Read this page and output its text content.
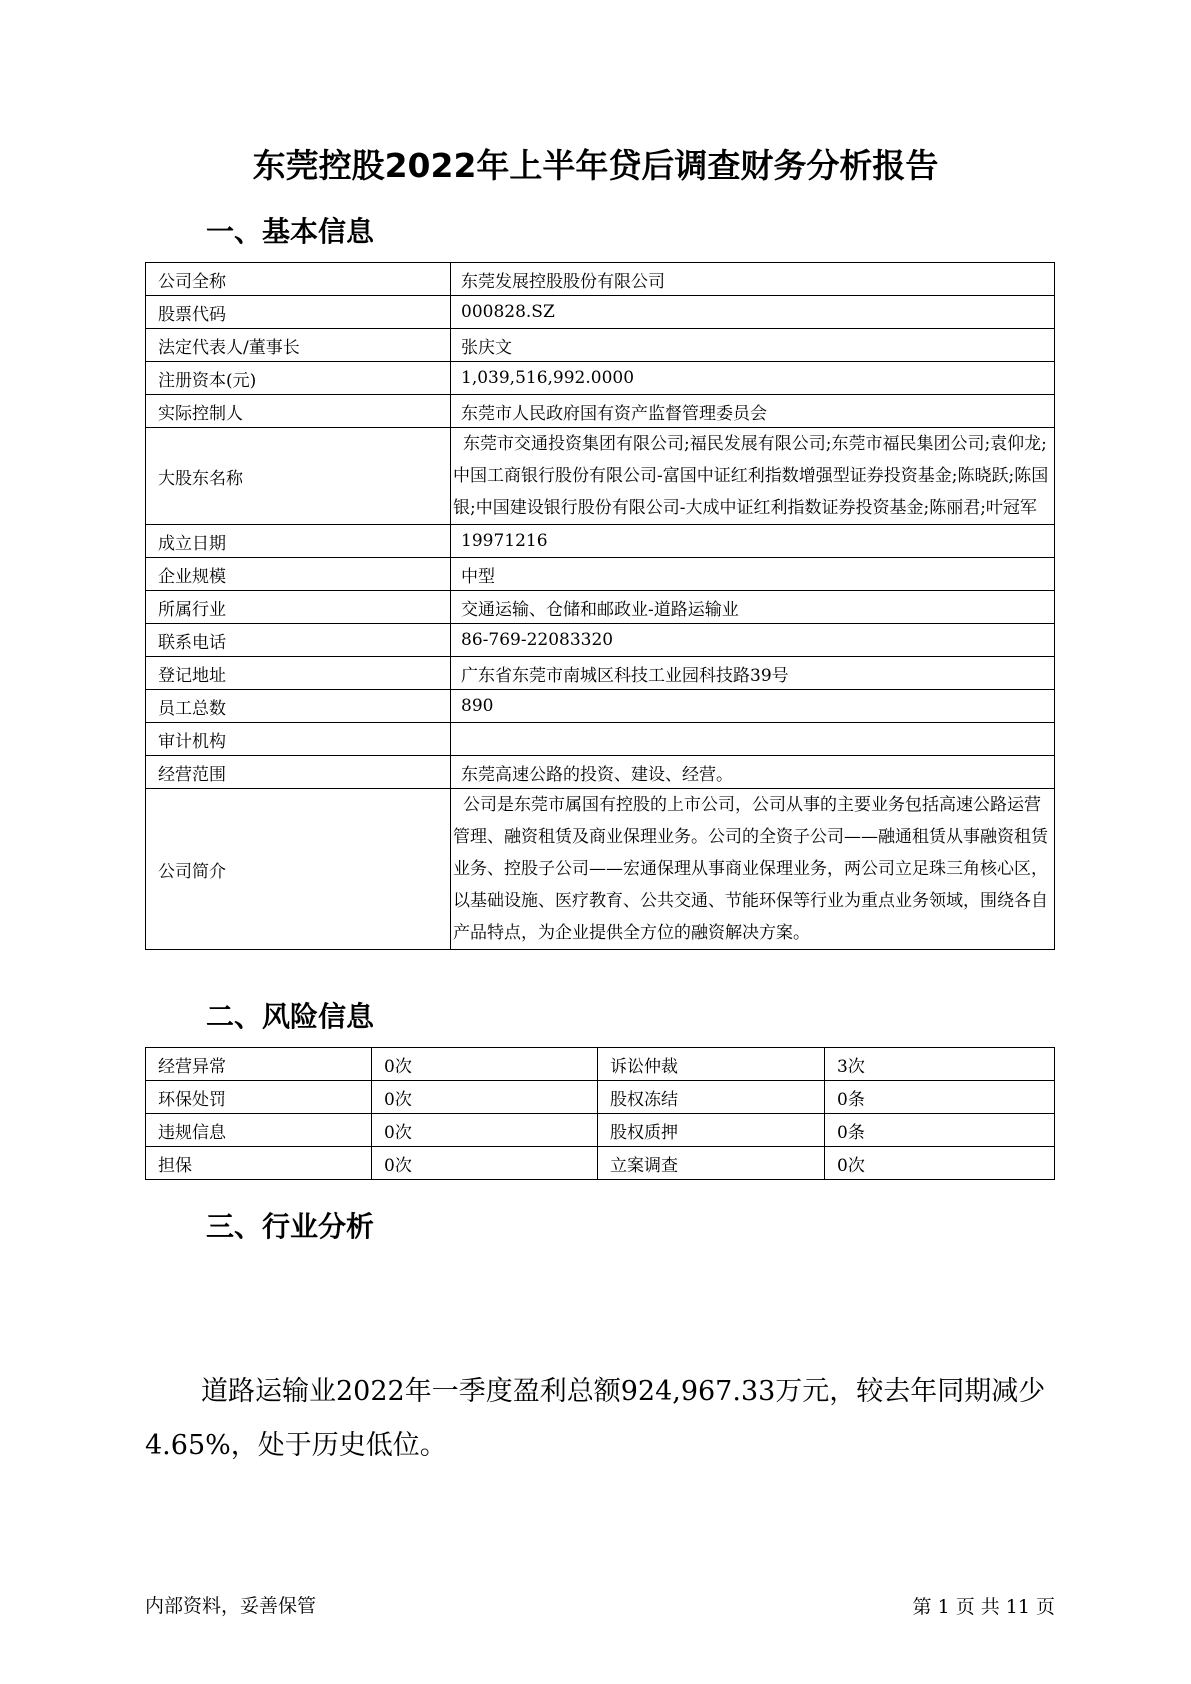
东莞控股2022年上半年贷后调查财务分析报告
一、基本信息
公司全称	东莞发展控股股份有限公司
股票代码	000828.SZ
法定代表人/董事长	张庆文
注册资本(元)	1,039,516,992.0000
实际控制人	东莞市人民政府国有资产监督管理委员会
大股东名称	东莞市交通投资集团有限公司;福民发展有限公司;东莞市福民集团公司;袁仰龙;中国工商银行股份有限公司-富国中证红利指数增强型证券投资基金;陈晓跃;陈国银;中国建设银行股份有限公司-大成中证红利指数证券投资基金;陈丽君;叶冠军
成立日期	19971216
企业规模	中型
所属行业	交通运输、仓储和邮政业-道路运输业
联系电话	86-769-22083320
登记地址	广东省东莞市南城区科技工业园科技路39号
员工总数	890
审计机构	
经营范围	东莞高速公路的投资、建设、经营。
公司简介	公司是东莞市属国有控股的上市公司，公司从事的主要业务包括高速公路运营管理、融资租赁及商业保理业务。公司的全资子公司——融通租赁从事融资租赁业务、控股子公司——宏通保理从事商业保理业务，两公司立足珠三角核心区，以基础设施、医疗教育、公共交通、节能环保等行业为重点业务领域，围绕各自产品特点，为企业提供全方位的融资解决方案。
二、风险信息
经营异常	0次	诉讼仲裁	3次
环保处罚	0次	股权冻结	0条
违规信息	0次	股权质押	0条
担保	0次	立案调查	0次
三、行业分析
道路运输业2022年一季度盈利总额924,967.33万元，较去年同期减少4.65%，处于历史低位。
内部资料，妥善保管	第 1 页 共 11 页
